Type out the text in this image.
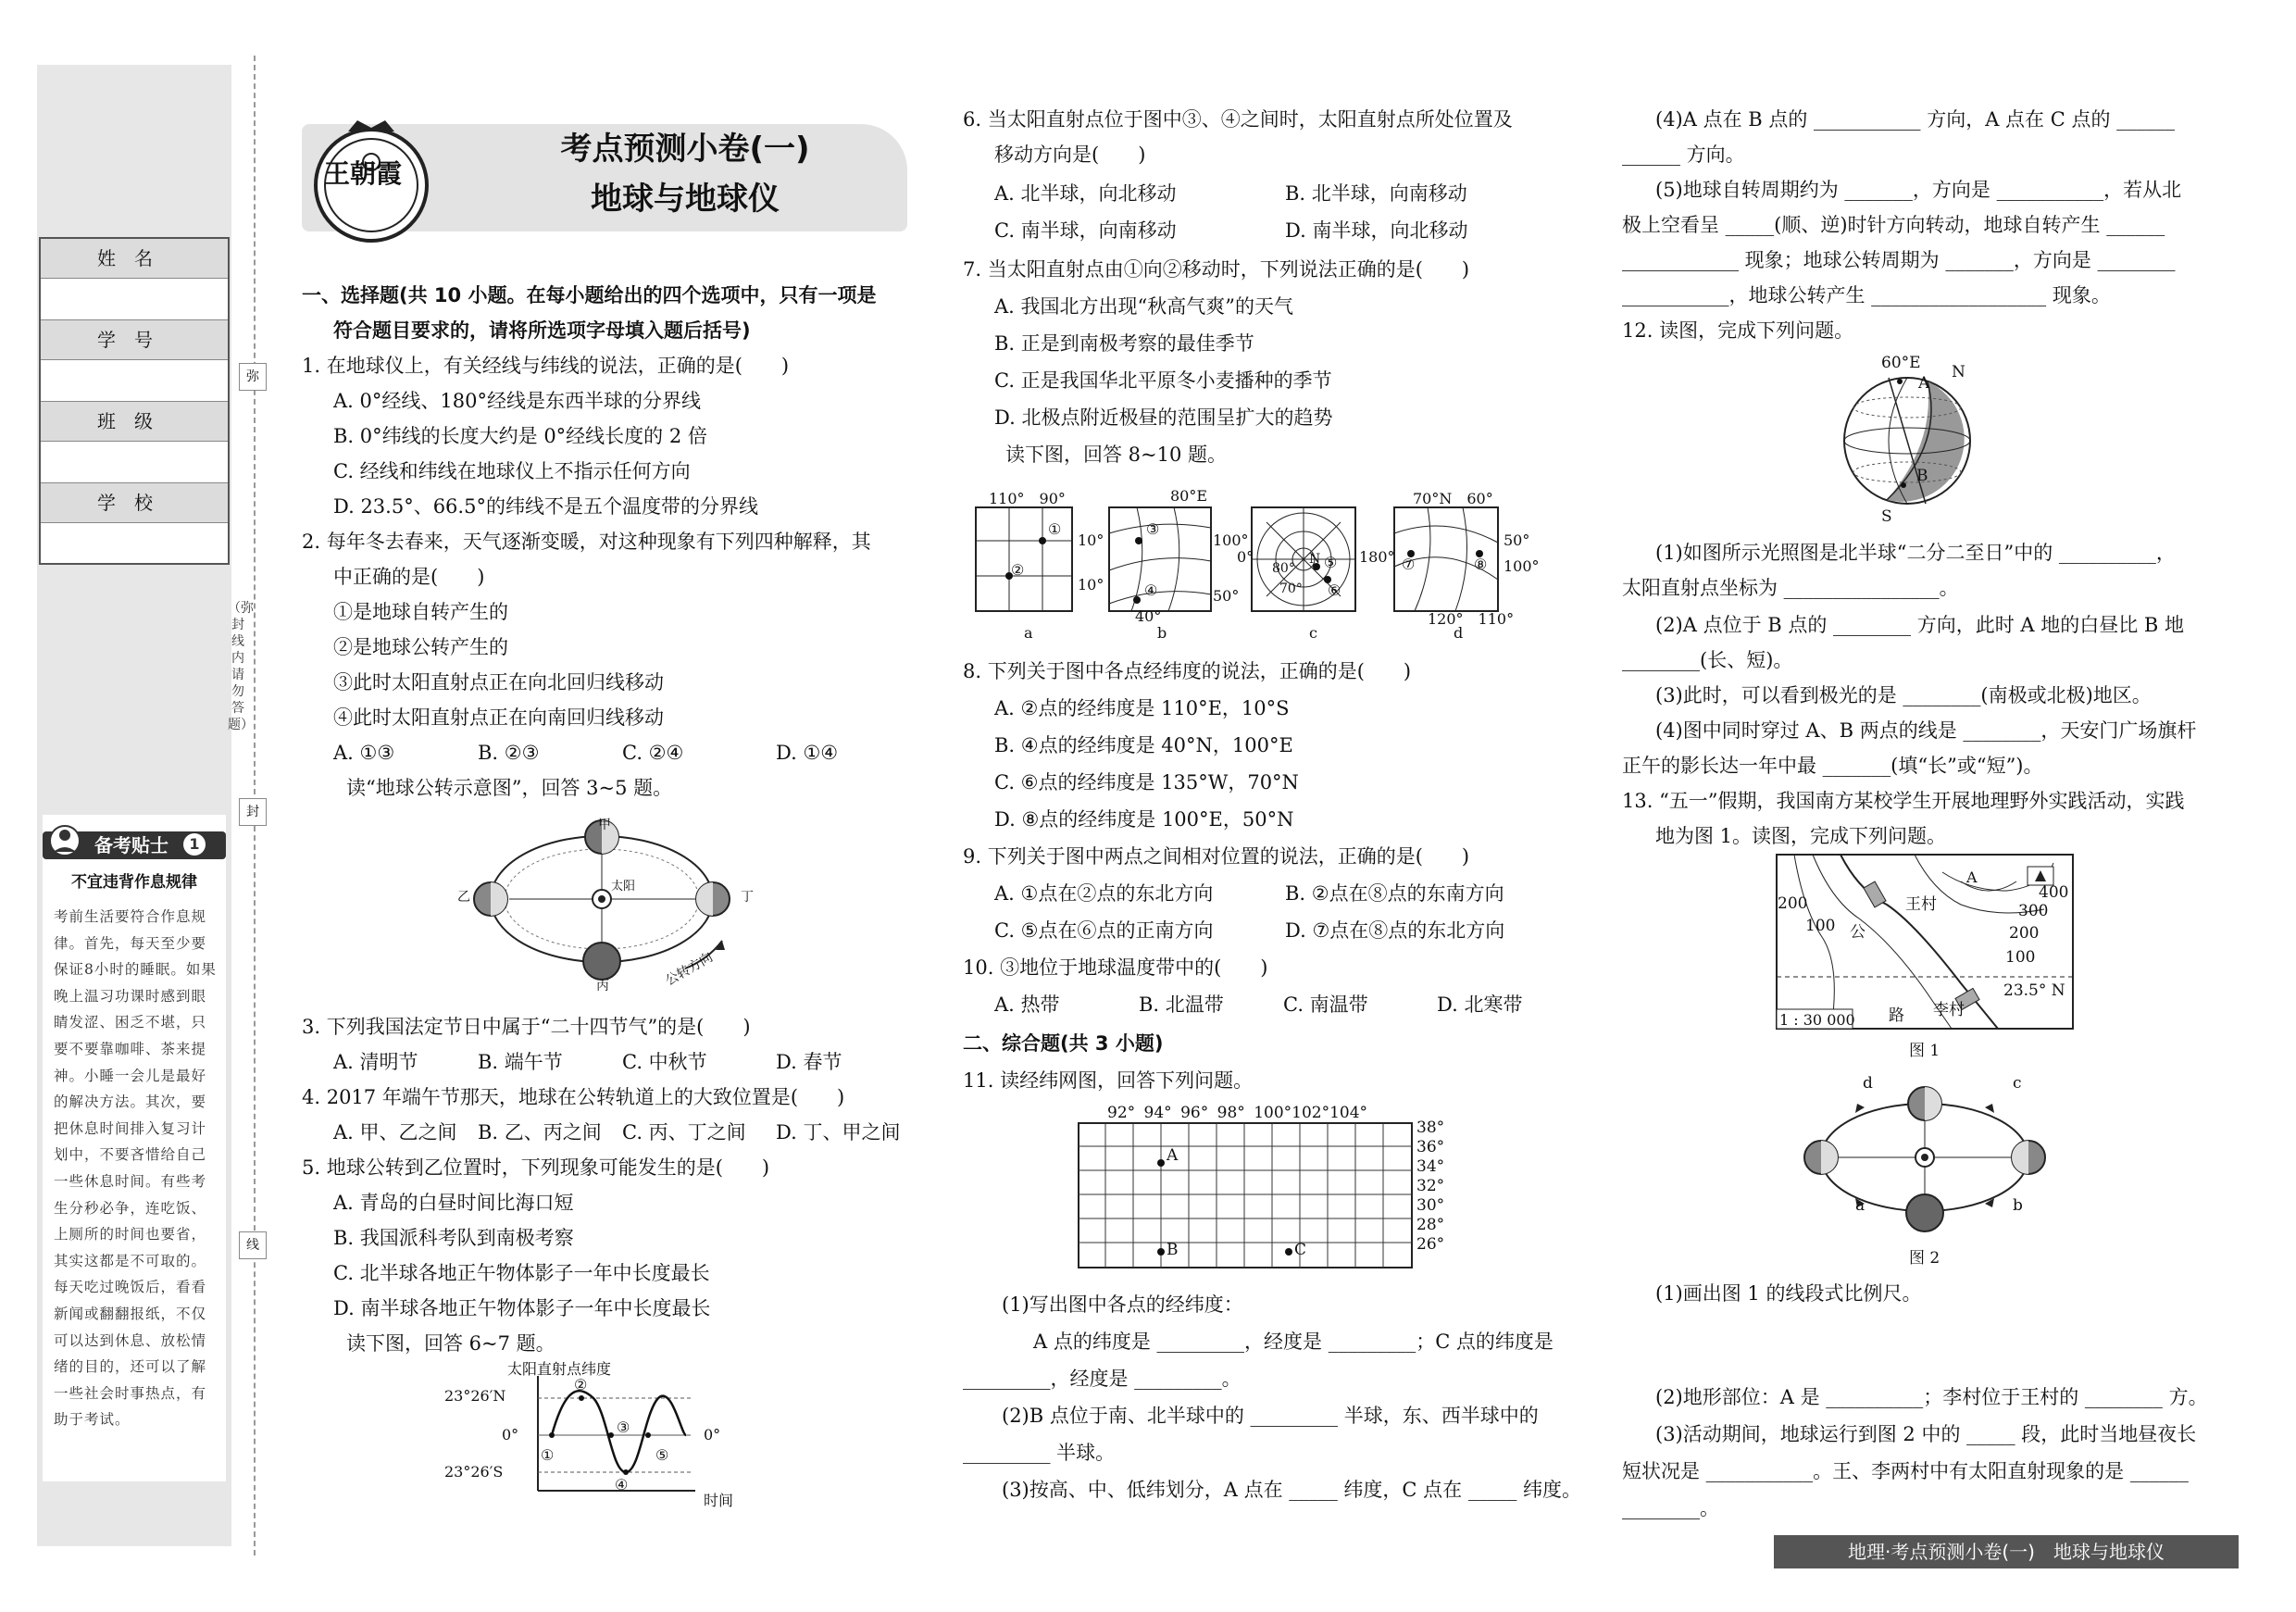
姓名
学号
班级
学校
备考贴士	1
不宜违背作息规律
考前生活要符合作息规律。首先，每天至少要保证8小时的睡眠。如果晚上温习功课时感到眼睛发涩、困乏不堪，只要不要靠咖啡、茶来提神。小睡一会儿是最好的解决方法。其次，要把休息时间排入复习计划中，不要吝惜给自己一些休息时间。有些考生分秒必争，连吃饭、上厕所的时间也要省，其实这都是不可取的。每天吃过晚饭后，看看新闻或翻翻报纸，不仅可以达到休息、放松情绪的目的，还可以了解一些社会时事热点，有助于考试。
弥
封
线
（弥封线内请勿答题）
王朝霞
考点预测小卷(一)
地球与地球仪
一、选择题(共 10 小题。在每小题给出的四个选项中，只有一项是
符合题目要求的，请将所选项字母填入题后括号)
1. 在地球仪上，有关经线与纬线的说法，正确的是(　　)
A. 0°经线、180°经线是东西半球的分界线
B. 0°纬线的长度大约是 0°经线长度的 2 倍
C. 经线和纬线在地球仪上不指示任何方向
D. 23.5°、66.5°的纬线不是五个温度带的分界线
2. 每年冬去春来，天气逐渐变暖，对这种现象有下列四种解释，其
中正确的是(　　)
①是地球自转产生的
②是地球公转产生的
③此时太阳直射点正在向北回归线移动
④此时太阳直射点正在向南回归线移动
A. ①③	B. ②③	C. ②④	D. ①④
读“地球公转示意图”，回答 3~5 题。
甲
乙
丙
丁
太阳
公转方向
3. 下列我国法定节日中属于“二十四节气”的是(　　)
A. 清明节	B. 端午节	C. 中秋节	D. 春节
4. 2017 年端午节那天，地球在公转轨道上的大致位置是(　　)
A. 甲、乙之间 B. 乙、丙之间 C. 丙、丁之间 D. 丁、甲之间
5. 地球公转到乙位置时，下列现象可能发生的是(　　)
A. 青岛的白昼时间比海口短
B. 我国派科考队到南极考察
C. 北半球各地正午物体影子一年中长度最长
D. 南半球各地正午物体影子一年中长度最长
读下图，回答 6~7 题。
太阳直射点纬度
23°26′N
0°
23°26′S
0°
时间
①
②
③
④
⑤
6. 当太阳直射点位于图中③、④之间时，太阳直射点所处位置及
移动方向是(　　)
A. 北半球，向北移动	B. 北半球，向南移动
C. 南半球，向南移动	D. 南半球，向北移动
7. 当太阳直射点由①向②移动时，下列说法正确的是(　　)
A. 我国北方出现“秋高气爽”的天气
B. 正是到南极考察的最佳季节
C. 正是我国华北平原冬小麦播种的季节
D. 北极点附近极昼的范围呈扩大的趋势
读下图，回答 8~10 题。
110°　90°
①
②
10°
10°
a
80°E
③
④
100°
50°
40°
b
0°	180°
N ⑤
⑥
80°
70°
c
70°N　60°
⑦	⑧
50°
100°
120°　110°
d
8. 下列关于图中各点经纬度的说法，正确的是(　　)
A. ②点的经纬度是 110°E，10°S
B. ④点的经纬度是 40°N，100°E
C. ⑥点的经纬度是 135°W，70°N
D. ⑧点的经纬度是 100°E，50°N
9. 下列关于图中两点之间相对位置的说法，正确的是(　　)
A. ①点在②点的东北方向	B. ②点在⑧点的东南方向
C. ⑤点在⑥点的正南方向	D. ⑦点在⑧点的东北方向
10. ③地位于地球温度带中的(　　)
A. 热带	B. 北温带	C. 南温带	D. 北寒带
二、综合题(共 3 小题)
11. 读经纬网图，回答下列问题。
92° 94° 96° 98° 100°102°104°
38°
36°
34°
32°
30°
28°
26°
A
B	C
(1)写出图中各点的经纬度：
A 点的纬度是 _________，经度是 _________；C 点的纬度是
_________，经度是 _________。
(2)B 点位于南、北半球中的 _________ 半球，东、西半球中的
_________ 半球。
(3)按高、中、低纬划分，A 点在 _____ 纬度，C 点在 _____ 纬度。
(4)A 点在 B 点的 ___________ 方向，A 点在 C 点的 ______
______ 方向。
(5)地球自转周期约为 _______，方向是 ___________，若从北
极上空看呈 _____(顺、逆)时针方向转动，地球自转产生 ______
____________ 现象；地球公转周期为 _______，方向是 ________
___________，地球公转产生 __________________ 现象。
12. 读图，完成下列问题。
60°E N
A
B
S
(1)如图所示光照图是北半球“二分二至日”中的 __________，
太阳直射点坐标为 ________________。
(2)A 点位于 B 点的 ________ 方向，此时 A 地的白昼比 B 地
________(长、短)。
(3)此时，可以看到极光的是 ________(南极或北极)地区。
(4)图中同时穿过 A、B 两点的线是 ________，天安门广场旗杆
正午的影长达一年中最 _______(填“长”或“短”)。
13. “五一”假期，我国南方某校学生开展地理野外实践活动，实践
地为图 1。读图，完成下列问题。
王村
李村
公
路
A
400
300
200
100
200
100
23.5° N
1 : 30 000
图 1
a	b
c
d
图 2
(1)画出图 1 的线段式比例尺。
(2)地形部位：A 是 __________；李村位于王村的 ________ 方。
(3)活动期间，地球运行到图 2 中的 _____ 段，此时当地昼夜长
短状况是 ___________。王、李两村中有太阳直射现象的是 ______
________。
地理·考点预测小卷(一)　地球与地球仪
